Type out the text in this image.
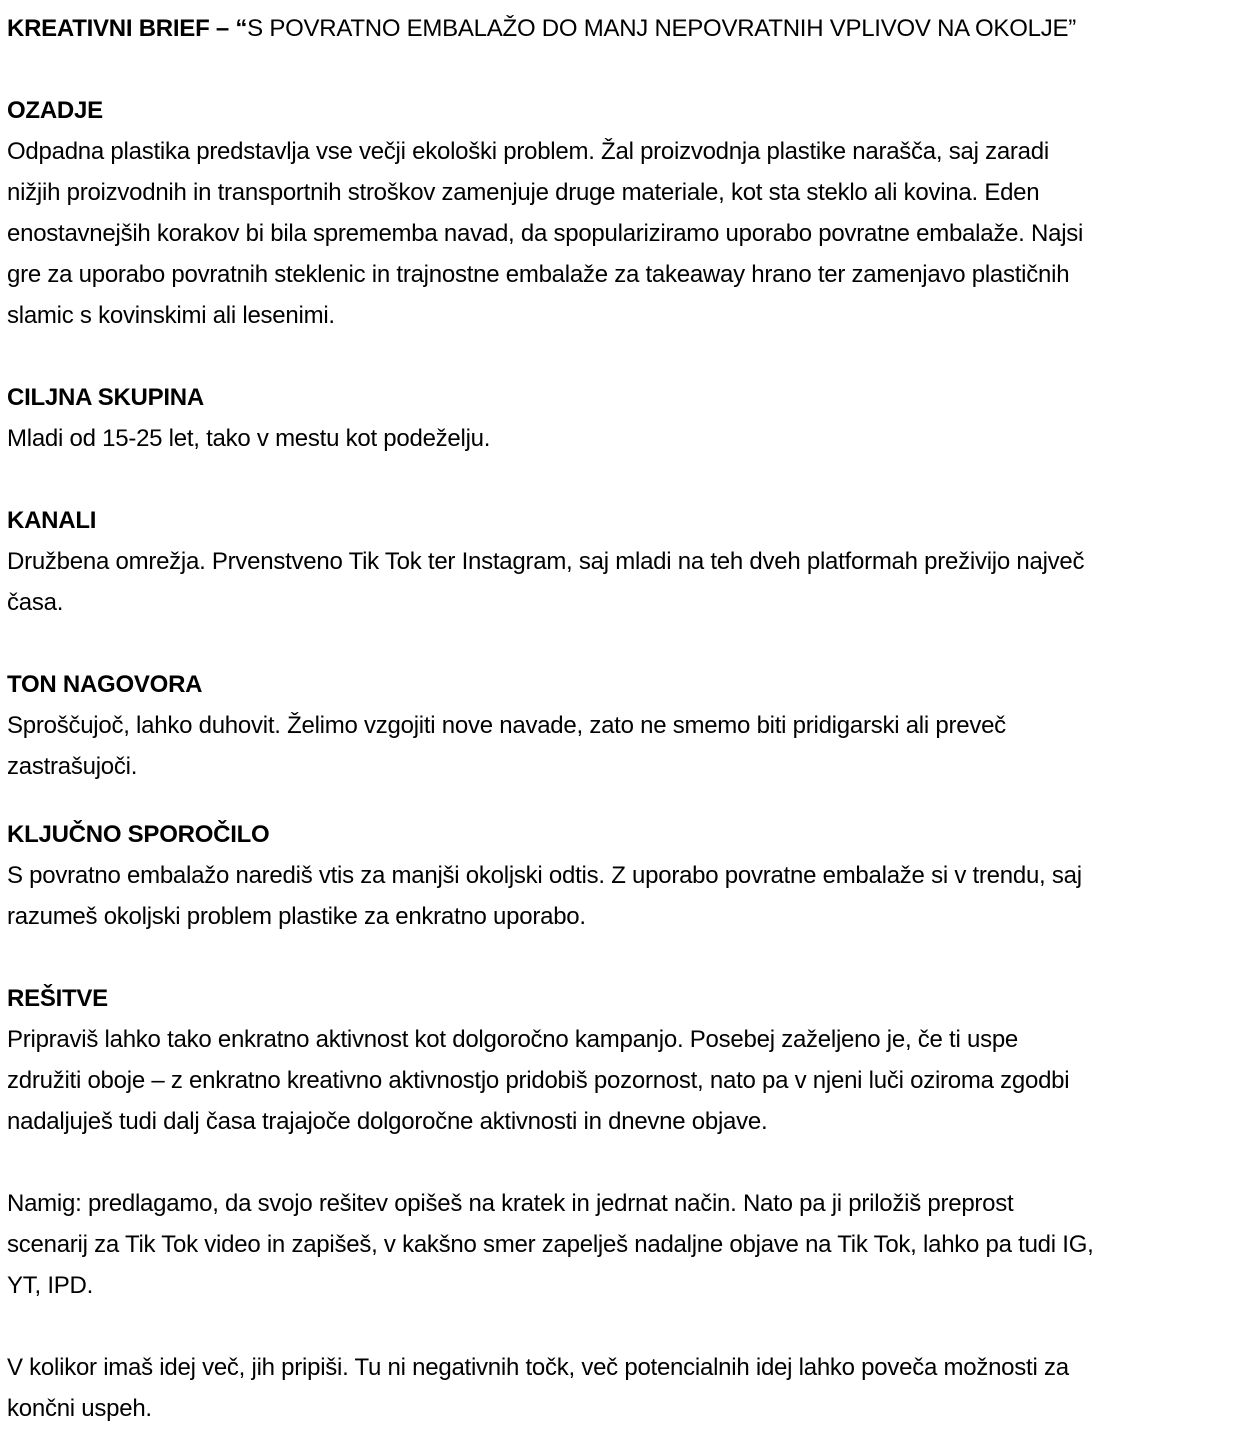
KREATIVNI BRIEF – “S POVRATNO EMBALAŽO DO MANJ NEPOVRATNIH VPLIVOV NA OKOLJE”
OZADJE
Odpadna plastika predstavlja vse večji ekološki problem. Žal proizvodnja plastike narašča, saj zaradi
nižjih proizvodnih in transportnih stroškov zamenjuje druge materiale, kot sta steklo ali kovina. Eden
enostavnejših korakov bi bila sprememba navad, da spopulariziramo uporabo povratne embalaže. Najsi
gre za uporabo povratnih steklenic in trajnostne embalaže za takeaway hrano ter zamenjavo plastičnih
slamic s kovinskimi ali lesenimi.
CILJNA SKUPINA
Mladi od 15-25 let, tako v mestu kot podeželju.
KANALI
Družbena omrežja. Prvenstveno Tik Tok ter Instagram, saj mladi na teh dveh platformah preživijo največ
časa.
TON NAGOVORA
Sproščujoč, lahko duhovit. Želimo vzgojiti nove navade, zato ne smemo biti pridigarski ali preveč
zastrašujoči.
KLJUČNO SPOROČILO
S povratno embalažo narediš vtis za manjši okoljski odtis. Z uporabo povratne embalaže si v trendu, saj
razumeš okoljski problem plastike za enkratno uporabo.
REŠITVE
Pripraviš lahko tako enkratno aktivnost kot dolgoročno kampanjo. Posebej zaželjeno je, če ti uspe
združiti oboje – z enkratno kreativno aktivnostjo pridobiš pozornost, nato pa v njeni luči oziroma zgodbi
nadaljuješ tudi dalj časa trajajoče dolgoročne aktivnosti in dnevne objave.
Namig: predlagamo, da svojo rešitev opišeš na kratek in jedrnat način. Nato pa ji priložiš preprost
scenarij za Tik Tok video in zapišeš, v kakšno smer zapelješ nadaljne objave na Tik Tok, lahko pa tudi IG,
YT, IPD.
V kolikor imaš idej več, jih pripiši. Tu ni negativnih točk, več potencialnih idej lahko poveča možnosti za
končni uspeh.
